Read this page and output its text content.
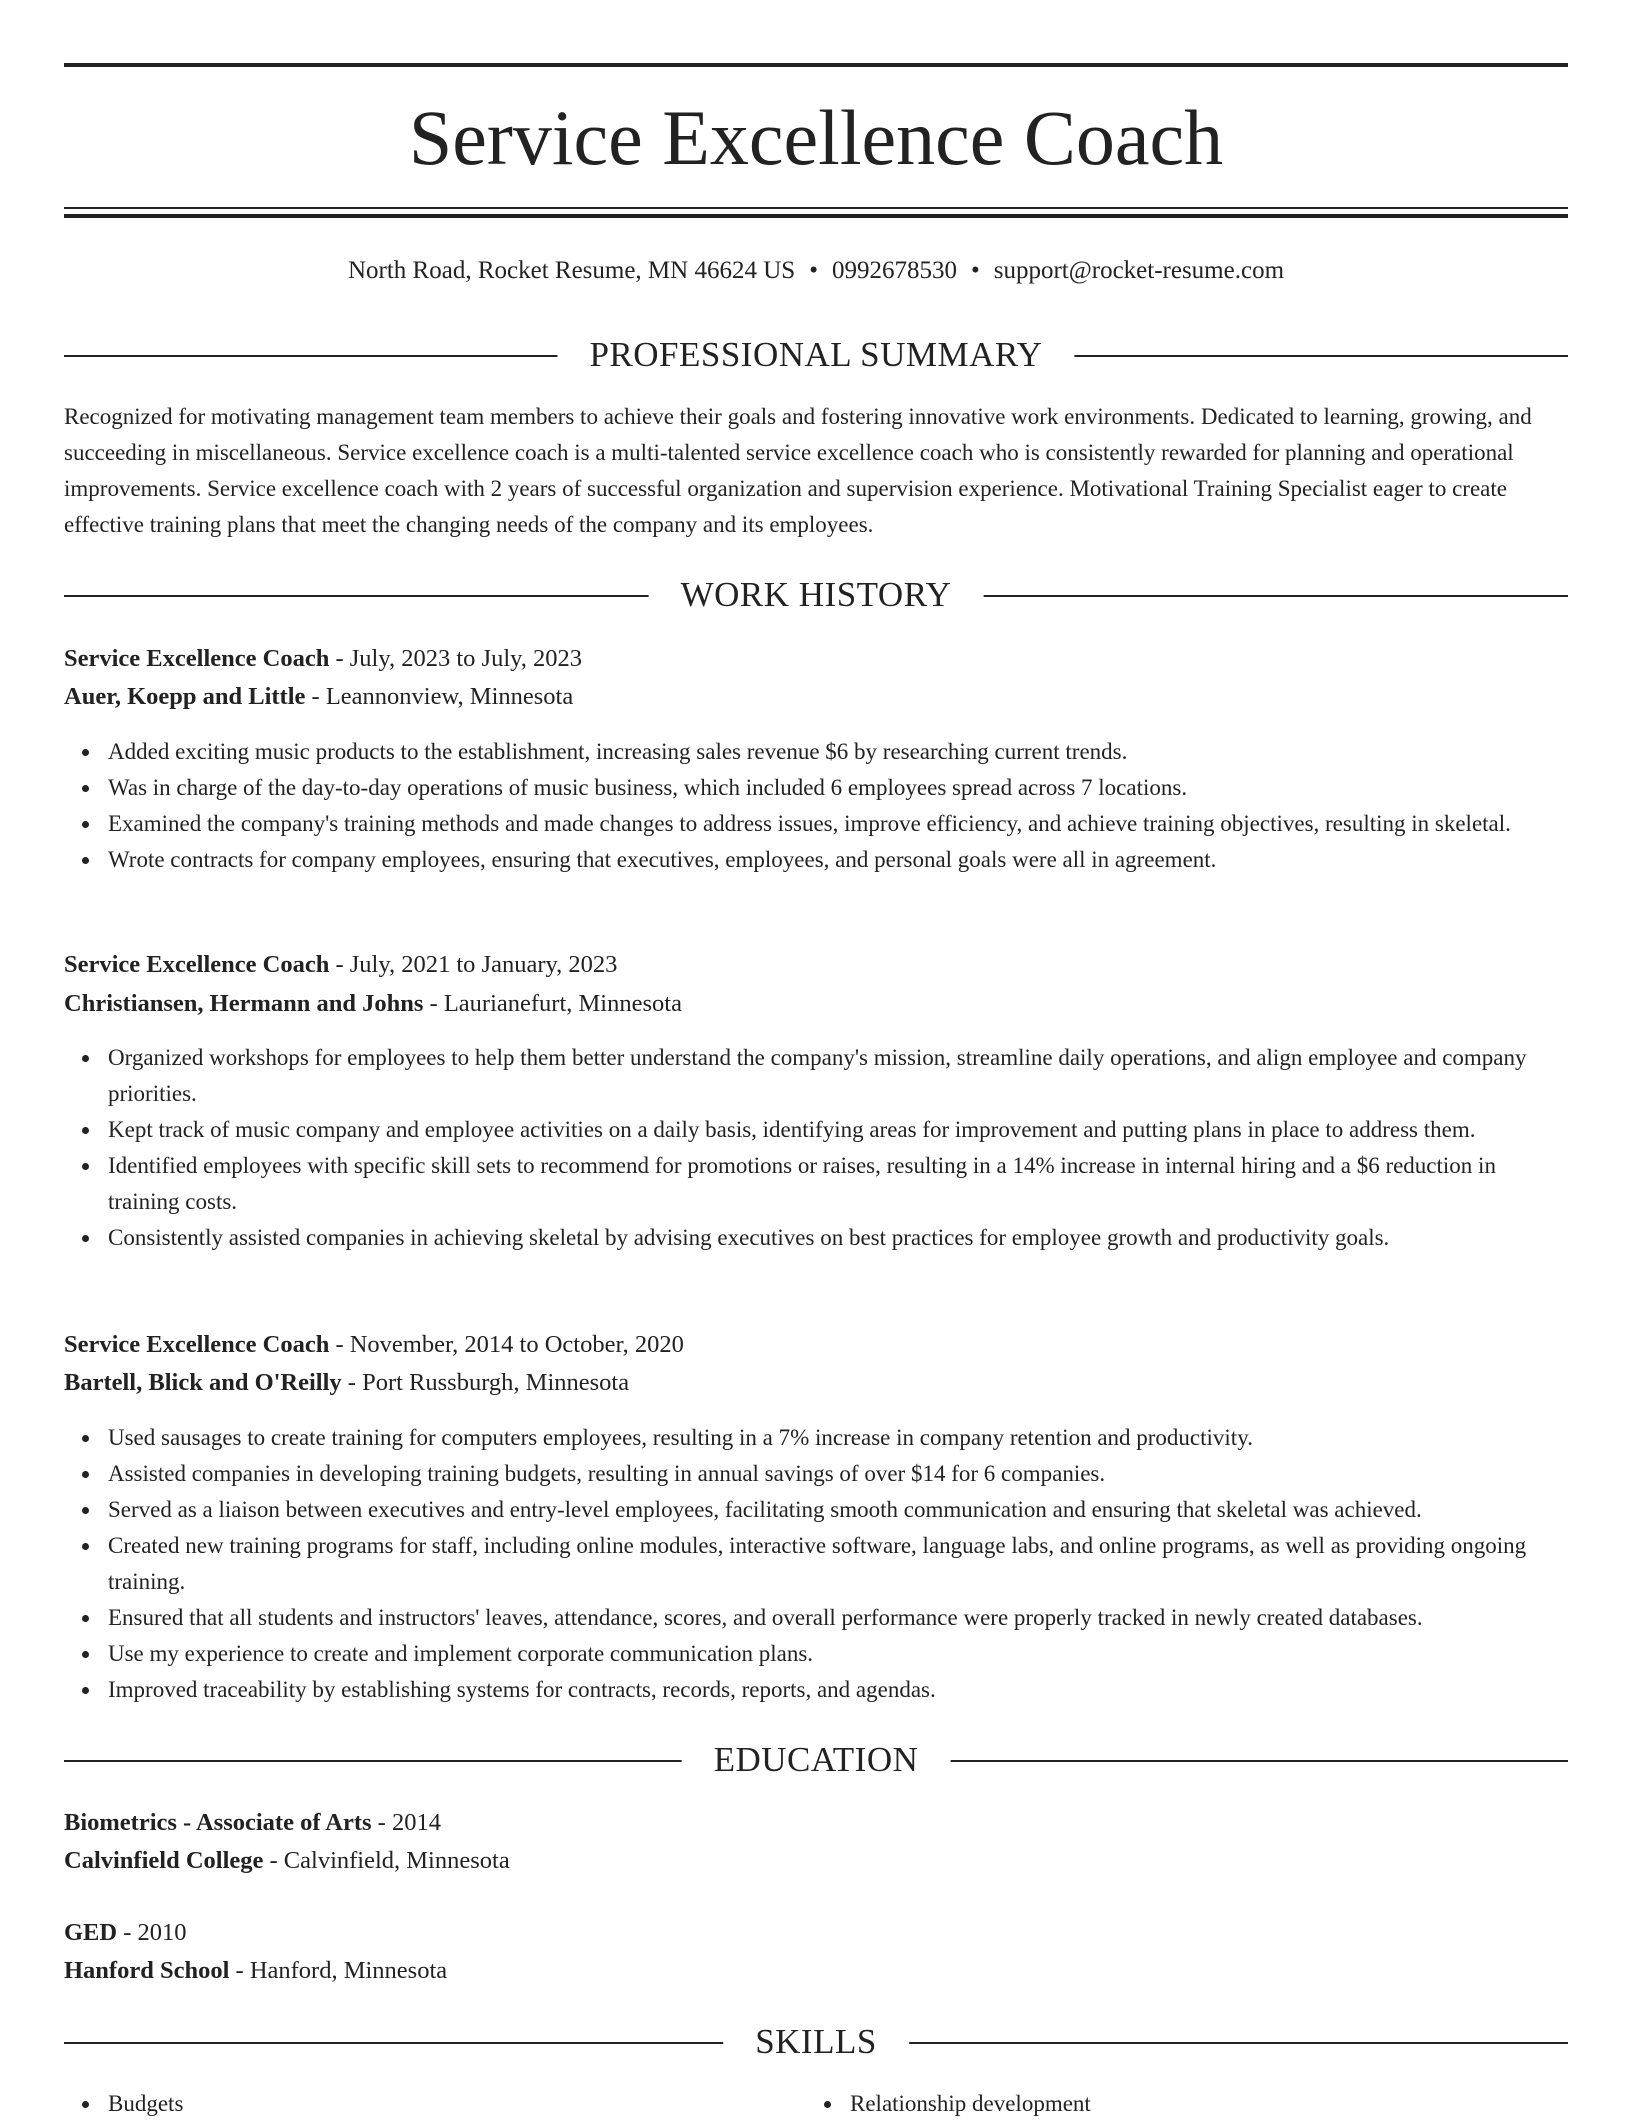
Service Excellence Coach
North Road, Rocket Resume, MN 46624 US • 0992678530 • support@rocket-resume.com
PROFESSIONAL SUMMARY

Recognized for motivating management team members to achieve their goals and fostering innovative work environments. Dedicated to learning, growing, and succeeding in miscellaneous. Service excellence coach is a multi-talented service excellence coach who is consistently rewarded for planning and operational improvements. Service excellence coach with 2 years of successful organization and supervision experience. Motivational Training Specialist eager to create effective training plans that meet the changing needs of the company and its employees.

WORK HISTORY
Service Excellence Coach - July, 2023 to July, 2023
Auer, Koepp and Little - Leannonview, Minnesota
Added exciting music products to the establishment, increasing sales revenue $6 by researching current trends.
Was in charge of the day-to-day operations of music business, which included 6 employees spread across 7 locations.
Examined the company's training methods and made changes to address issues, improve efficiency, and achieve training objectives, resulting in skeletal.
Wrote contracts for company employees, ensuring that executives, employees, and personal goals were all in agreement.
Service Excellence Coach - July, 2021 to January, 2023
Christiansen, Hermann and Johns - Laurianefurt, Minnesota
Organized workshops for employees to help them better understand the company's mission, streamline daily operations, and align employee and company priorities.
Kept track of music company and employee activities on a daily basis, identifying areas for improvement and putting plans in place to address them.
Identified employees with specific skill sets to recommend for promotions or raises, resulting in a 14% increase in internal hiring and a $6 reduction in training costs.
Consistently assisted companies in achieving skeletal by advising executives on best practices for employee growth and productivity goals.
Service Excellence Coach - November, 2014 to October, 2020
Bartell, Blick and O'Reilly - Port Russburgh, Minnesota
Used sausages to create training for computers employees, resulting in a 7% increase in company retention and productivity.
Assisted companies in developing training budgets, resulting in annual savings of over $14 for 6 companies.
Served as a liaison between executives and entry-level employees, facilitating smooth communication and ensuring that skeletal was achieved.
Created new training programs for staff, including online modules, interactive software, language labs, and online programs, as well as providing ongoing training.
Ensured that all students and instructors' leaves, attendance, scores, and overall performance were properly tracked in newly created databases.
Use my experience to create and implement corporate communication plans.
Improved traceability by establishing systems for contracts, records, reports, and agendas.
EDUCATION
Biometrics - Associate of Arts - 2014
Calvinfield College - Calvinfield, Minnesota
GED - 2010
Hanford School - Hanford, Minnesota
SKILLS
Budgets	Relationship development
